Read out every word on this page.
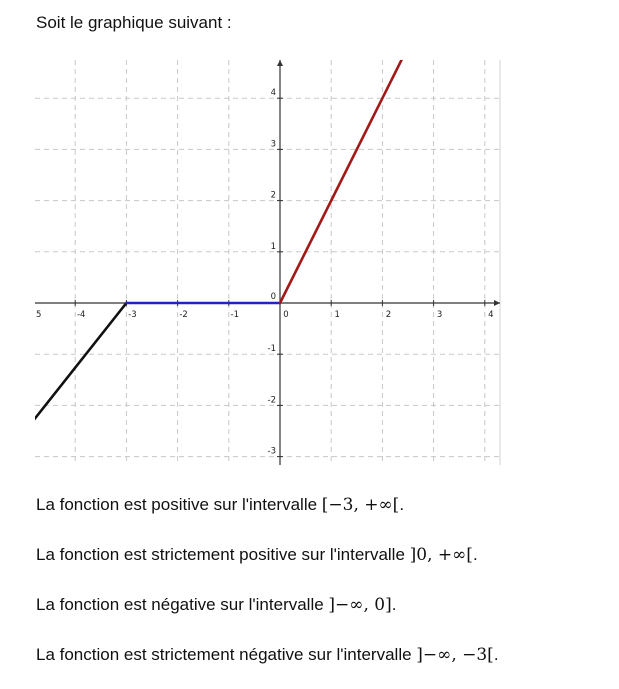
Soit le graphique suivant :
5	-4	-3	-2	-1	0	1	2	3	4
-3
-2
-1
1
2
3
4
0
La fonction est positive sur l'intervalle [−3, +∞[.
La fonction est strictement positive sur l'intervalle ]0, +∞[.
La fonction est négative sur l'intervalle ]−∞, 0].
La fonction est strictement négative sur l'intervalle ]−∞, −3[.
